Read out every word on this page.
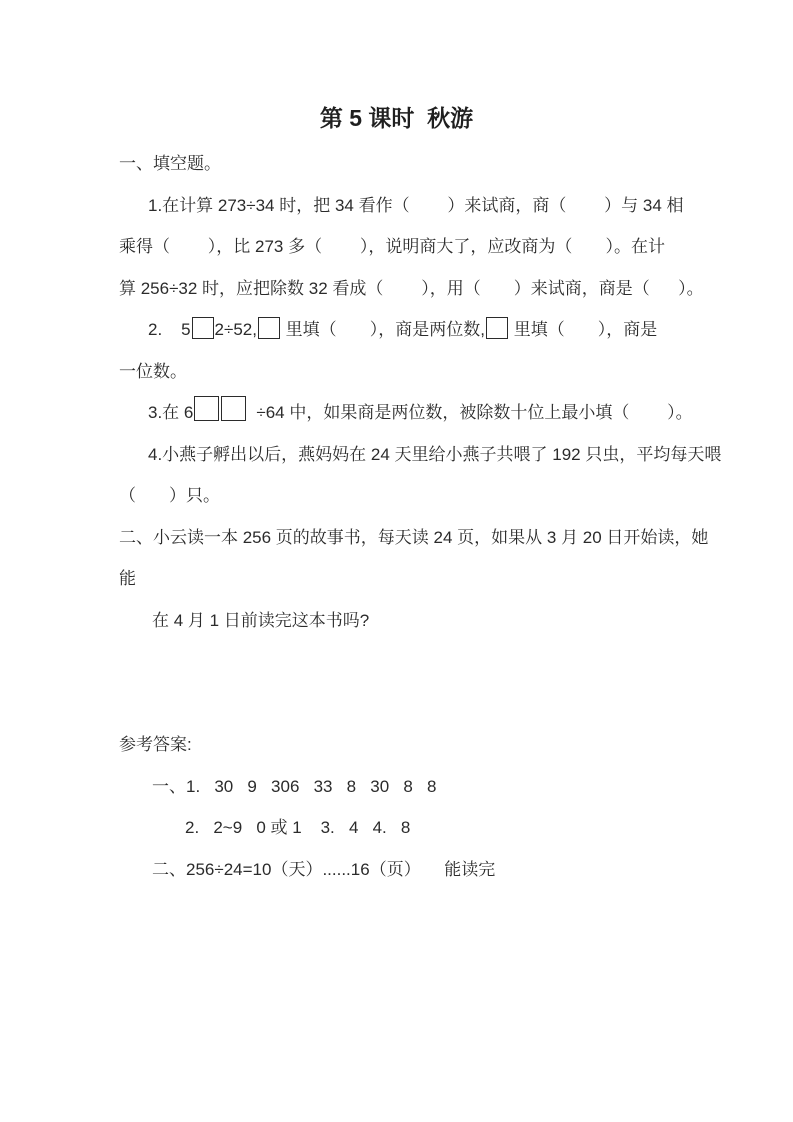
第 5 课时  秋游
一、填空题。
1.在计算 273÷34 时，把 34 看作（        ）来试商，商（        ）与 34 相
乘得（        ），比 273 多（        ），说明商大了，应改商为（       ）。在计
算 256÷32 时，应把除数 32 看成（        ），用（       ）来试商，商是（      ）。
2.    5 2÷52, 里填（       ），商是两位数, 里填（       ），商是
一位数。
3.在 6	÷64 中，如果商是两位数，被除数十位上最小填（        ）。
4.小燕子孵出以后，燕妈妈在 24 天里给小燕子共喂了 192 只虫，平均每天喂
（       ）只。
二、小云读一本 256 页的故事书，每天读 24 页，如果从 3 月 20 日开始读，她
能
在 4 月 1 日前读完这本书吗?
参考答案:
一、1.   30   9   306   33   8   30   8   8
2.   2~9   0 或 1    3.   4   4.   8
二、256÷24=10（天）......16（页）     能读完
